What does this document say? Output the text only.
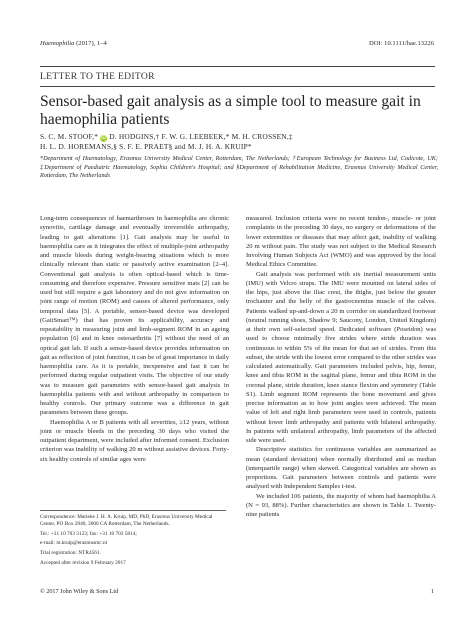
Haemophilia (2017), 1–4	DOI: 10.1111/hae.13226
LETTER TO THE EDITOR
Sensor-based gait analysis as a simple tool to measure gait in haemophilia patients
S. C. M. STOOF,* iD D. HODGINS,† F. W. G. LEEBEEK,* M. H. CROSSEN,‡
H. L. D. HOREMANS,§ S. F. E. PRAET§ and M. J. H. A. KRUIP*
*Department of Haematology, Erasmus University Medical Center, Rotterdam, The Netherlands; †European Technology for Business Ltd, Codicote, UK; ‡Department of Paediatric Haematology, Sophia Children's Hospital; and §Department of Rehabilitation Medicine, Erasmus University Medical Center, Rotterdam, The Netherlands

Long-term consequences of haemarthroses in haemophilia are chronic synovitis, cartilage damage and eventually irreversible arthropathy, leading to gait alterations [1]. Gait analysis may be useful in haemophilia care as it integrates the effect of multiple-joint arthropathy and muscle bleeds during weight-bearing situations which is more clinically relevant than static or passively active examination [2–4]. Conventional gait analysis is often optical-based which is time-consuming and therefore expensive. Pressure sensitive mats [2] can be used but still require a gait laboratory and do not give information on joint range of motion (ROM) and causes of altered performance, only temporal data [5]. A portable, sensor-based device was developed (GaitSmart™) that has proven its applicability, accuracy and repeatability in measuring joint and limb-segment ROM in an ageing population [6] and in knee osteoarthritis [7] without the need of an optical gait lab. If such a sensor-based device provides information on gait as reflection of joint function, it can be of great importance in daily haemophilia care. As it is portable, inexpensive and fast it can be performed during regular outpatient visits. The objective of our study was to measure gait parameters with sensor-based gait analysis in haemophilia patients with and without arthropathy in comparison to healthy controls. Our primary outcome was a difference in gait parameters between these groups.

Haemophilia A or B patients with all severities, ≥12 years, without joint or muscle bleeds in the preceding 30 days who visited the outpatient department, were included after informed consent. Exclusion criterion was inability of walking 20 m without assistive devices. Forty-six healthy controls of similar ages were

Correspondence: Marieke J. H. A. Kruip, MD, PhD, Erasmus University Medical Center, PO Box 2040, 3000 CA Rotterdam, The Netherlands.

Tel.: +31 10 703 3123; fax: +31 10 703 5814;

e-mail: m.kruip@erasmusmc.nl

Trial registration: NTR4561.

Accepted after revision 9 February 2017

measured. Inclusion criteria were no recent tendon-, muscle- or joint complaints in the preceding 30 days, no surgery or deformations of the lower extremities or diseases that may affect gait, inability of walking 20 m without pain. The study was not subject to the Medical Research Involving Human Subjects Act (WMO) and was approved by the local Medical Ethics Committee.

Gait analysis was performed with six inertial measurement units (IMU) with Velcro straps. The IMU were mounted on lateral sides of the hips, just above the iliac crest, the thighs, just below the greater trochanter and the belly of the gastrocnemius muscle of the calves. Patients walked up-and-down a 20 m corridor on standardized footwear (neutral running shoes, Shadow 9; Saucony, London, United Kingdom) at their own self-selected speed. Dedicated software (Poseidon) was used to choose minimally five strides where stride duration was continuous to within 5% of the mean for that set of strides. From this subset, the stride with the lowest error compared to the other strides was calculated automatically. Gait parameters included pelvis, hip, femur, knee and tibia ROM in the sagittal plane, femur and tibia ROM in the coronal plane, stride duration, knee stance flexion and symmetry (Table S1). Limb segment ROM represents the bone movement and gives precise information as to how joint angles were achieved. The mean value of left and right limb parameters were used in controls, patients without lower limb arthropathy and patients with bilateral arthropathy. In patients with unilateral arthropathy, limb parameters of the affected side were used.

Descriptive statistics for continuous variables are summarized as mean (standard deviation) when normally distributed and as median (interquartile range) when skewed. Categorical variables are shown as proportions. Gait parameters between controls and patients were analysed with Independent Samples t-test.

We included 106 patients, the majority of whom had haemophilia A (N = 93, 88%). Further characteristics are shown in Table 1. Twenty-nine patients

© 2017 John Wiley & Sons Ltd	1
